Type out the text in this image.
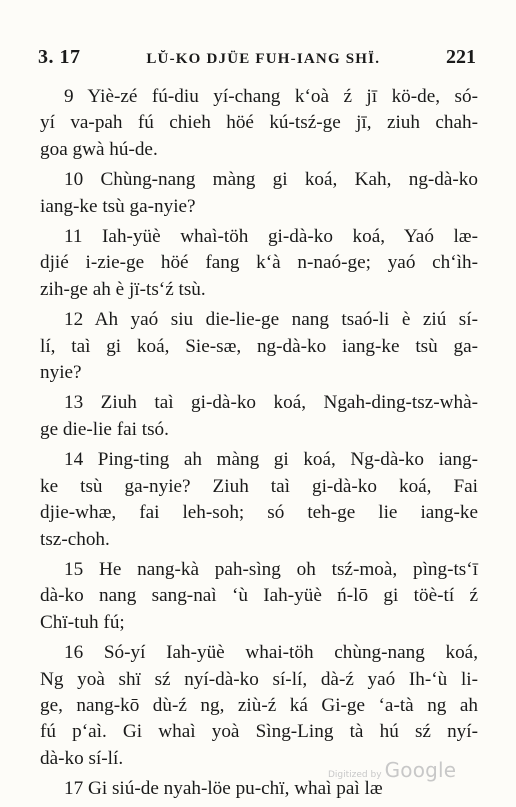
3. 17	LŬ-KO DJÜE FUH-IANG SHÏ.	221
9 Yiè-zé fú-diu yí-chang k‘oà ź jī kö-de, só-
yí va-pah fú chieh höé kú-tsź-ge jī, ziuh chah-
goa gwà hú-de.
10 Chùng-nang màng gi koá, Kah, ng-dà-ko
iang-ke tsù ga-nyie?
11 Iah-yüè whaì-töh gi-dà-ko koá, Yaó læ-
djié i-zie-ge höé fang k‘à n-naó-ge; yaó ch‘ìh-
zih-ge ah è jï-ts‘ź tsù.
12 Ah yaó siu die-lie-ge nang tsaó-li è ziú sí-
lí, taì gi koá, Sie-sæ, ng-dà-ko iang-ke tsù ga-
nyie?
13 Ziuh taì gi-dà-ko koá, Ngah-ding-tsz-whà-
ge die-lie fai tsó.
14 Ping-ting ah màng gi koá, Ng-dà-ko iang-
ke tsù ga-nyie? Ziuh taì gi-dà-ko koá, Fai
djie-whæ, fai leh-soh; só teh-ge lie iang-ke
tsz-choh.
15 He nang-kà pah-sìng oh tsź-moà, pìng-ts‘ī
dà-ko nang sang-naì ‘ù Iah-yüè ń-lō gi töè-tí ź
Chï-tuh fú;
16 Só-yí Iah-yüè whai-töh chùng-nang koá,
Ng yoà shï sź nyí-dà-ko sí-lí, dà-ź yaó Ih-‘ù li-
ge, nang-kō dù-ź ng, ziù-ź ká Gi-ge ‘a-tà ng ah
fú p‘aì. Gi whaì yoà Sìng-Ling tà hú sź nyí-
dà-ko sí-lí.
17 Gi siú-de nyah-löe pu-chï, whaì paì læ
Digitized by Google
